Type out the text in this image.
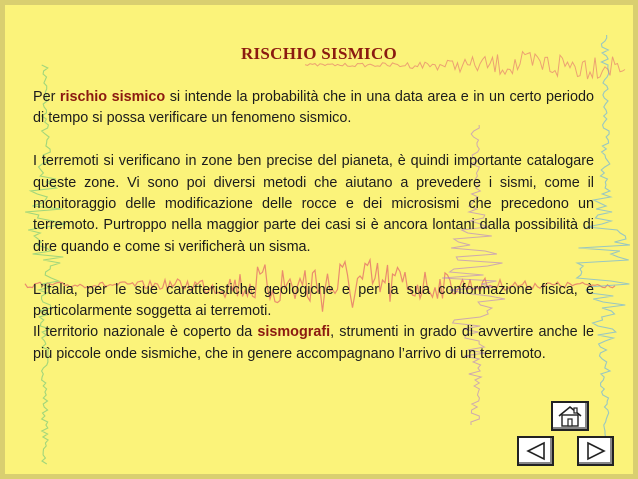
RISCHIO SISMICO

Per rischio sismico si intende la probabilità che in una data area e in un certo periodo di tempo si possa verificare un fenomeno sismico.

I terremoti si verificano in zone ben precise del pianeta, è quindi importante catalogare queste zone. Vi sono poi diversi metodi che aiutano a prevedere i sismi, come il monitoraggio delle modificazione delle rocce e dei microsismi che precedono un terremoto. Purtroppo nella maggior parte dei casi si è ancora lontani dalla possibilità di dire quando e come si verificherà un sisma.

L’Italia, per le sue caratteristiche geologiche e per la sua conformazione fisica, è particolarmente soggetta ai terremoti.

Il territorio nazionale è coperto da sismografi, strumenti in grado di avvertire anche le più piccole onde sismiche, che in genere accompagnano l’arrivo di un terremoto.
